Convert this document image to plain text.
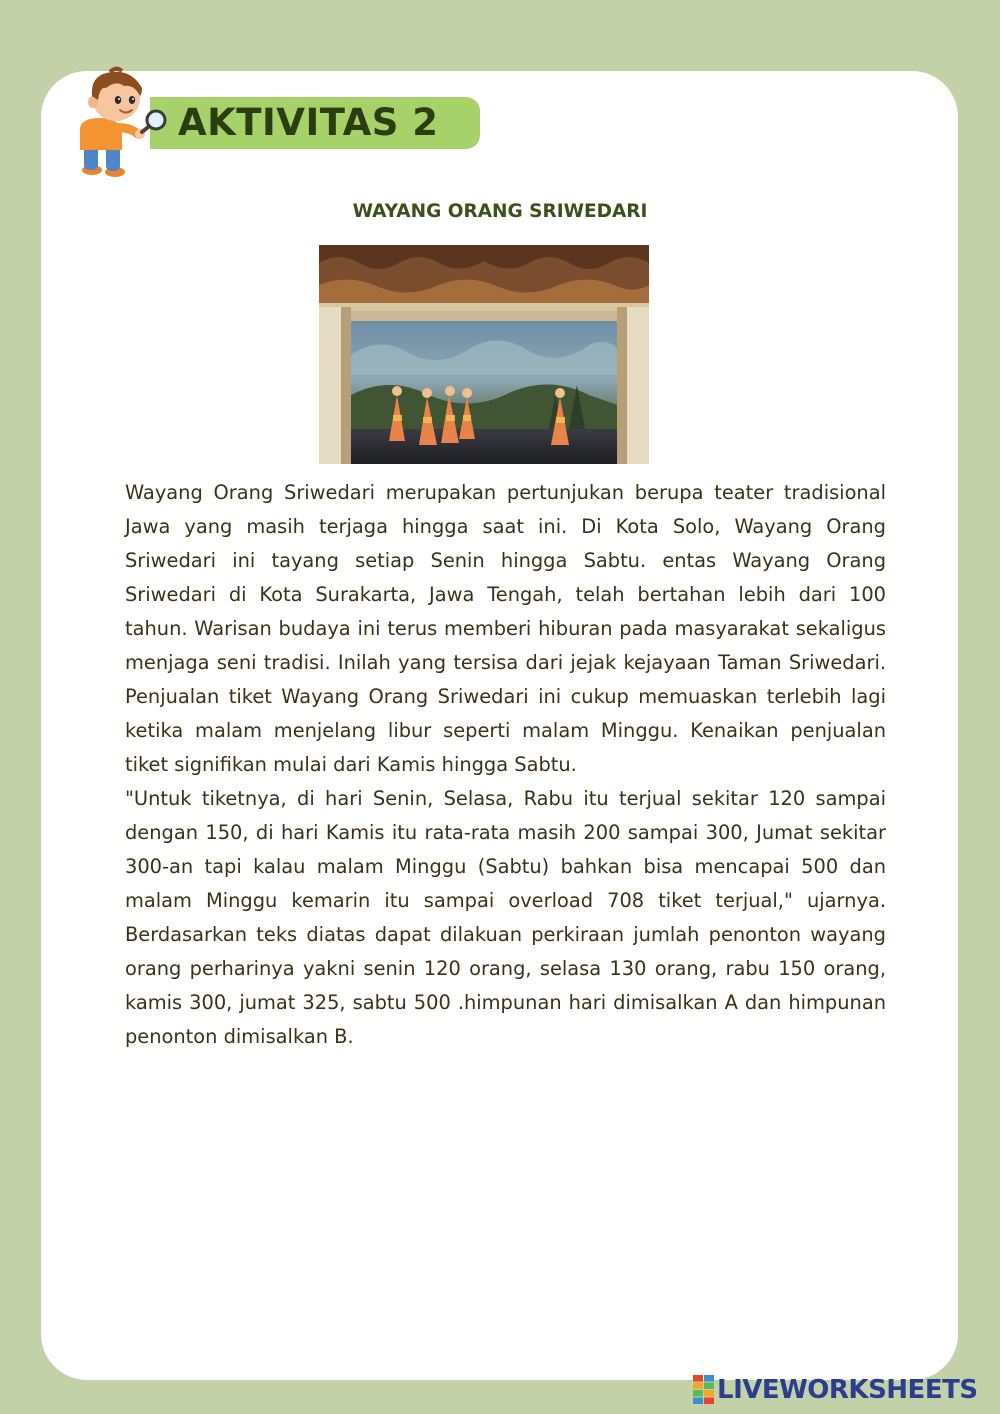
AKTIVITAS 2
WAYANG ORANG SRIWEDARI

Wayang Orang Sriwedari merupakan pertunjukan berupa teater tradisional Jawa yang masih terjaga hingga saat ini. Di Kota Solo, Wayang Orang Sriwedari ini tayang setiap Senin hingga Sabtu. entas Wayang Orang Sriwedari di Kota Surakarta, Jawa Tengah, telah bertahan lebih dari 100 tahun. Warisan budaya ini terus memberi hiburan pada masyarakat sekaligus menjaga seni tradisi. Inilah yang tersisa dari jejak kejayaan Taman Sriwedari. Penjualan tiket Wayang Orang Sriwedari ini cukup memuaskan terlebih lagi ketika malam menjelang libur seperti malam Minggu. Kenaikan penjualan tiket signifikan mulai dari Kamis hingga Sabtu.

"Untuk tiketnya, di hari Senin, Selasa, Rabu itu terjual sekitar 120 sampai dengan 150, di hari Kamis itu rata-rata masih 200 sampai 300, Jumat sekitar 300-an tapi kalau malam Minggu (Sabtu) bahkan bisa mencapai 500 dan malam Minggu kemarin itu sampai overload 708 tiket terjual," ujarnya. Berdasarkan teks diatas dapat dilakuan perkiraan jumlah penonton wayang orang perharinya yakni senin 120 orang, selasa 130 orang, rabu 150 orang, kamis 300, jumat 325, sabtu 500 .himpunan hari dimisalkan A dan himpunan penonton dimisalkan B.

LIVEWORKSHEETS
